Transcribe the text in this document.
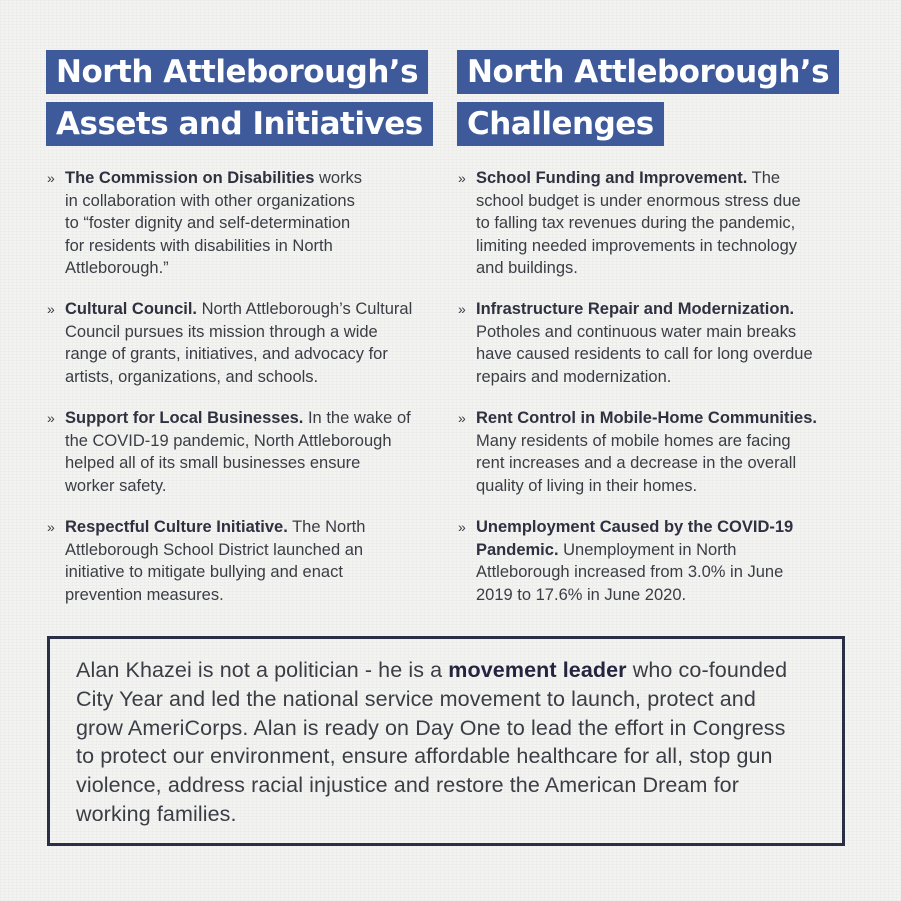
North Attleborough’s
Assets and Initiatives
» The Commission on Disabilities works
in collaboration with other organizations
to “foster dignity and self-determination
for residents with disabilities in North
Attleborough.”
» Cultural Council. North Attleborough’s Cultural
Council pursues its mission through a wide
range of grants, initiatives, and advocacy for
artists, organizations, and schools.
» Support for Local Businesses. In the wake of
the COVID-19 pandemic, North Attleborough
helped all of its small businesses ensure
worker safety.
» Respectful Culture Initiative. The North
Attleborough School District launched an
initiative to mitigate bullying and enact
prevention measures.
North Attleborough’s
Challenges
» School Funding and Improvement. The
school budget is under enormous stress due
to falling tax revenues during the pandemic,
limiting needed improvements in technology
and buildings.
» Infrastructure Repair and Modernization.
Potholes and continuous water main breaks
have caused residents to call for long overdue
repairs and modernization.
» Rent Control in Mobile-Home Communities.
Many residents of mobile homes are facing
rent increases and a decrease in the overall
quality of living in their homes.
» Unemployment Caused by the COVID-19
Pandemic. Unemployment in North
Attleborough increased from 3.0% in June
2019 to 17.6% in June 2020.
Alan Khazei is not a politician - he is a movement leader who co-founded
City Year and led the national service movement to launch, protect and
grow AmeriCorps. Alan is ready on Day One to lead the effort in Congress
to protect our environment, ensure affordable healthcare for all, stop gun
violence, address racial injustice and restore the American Dream for
working families.
